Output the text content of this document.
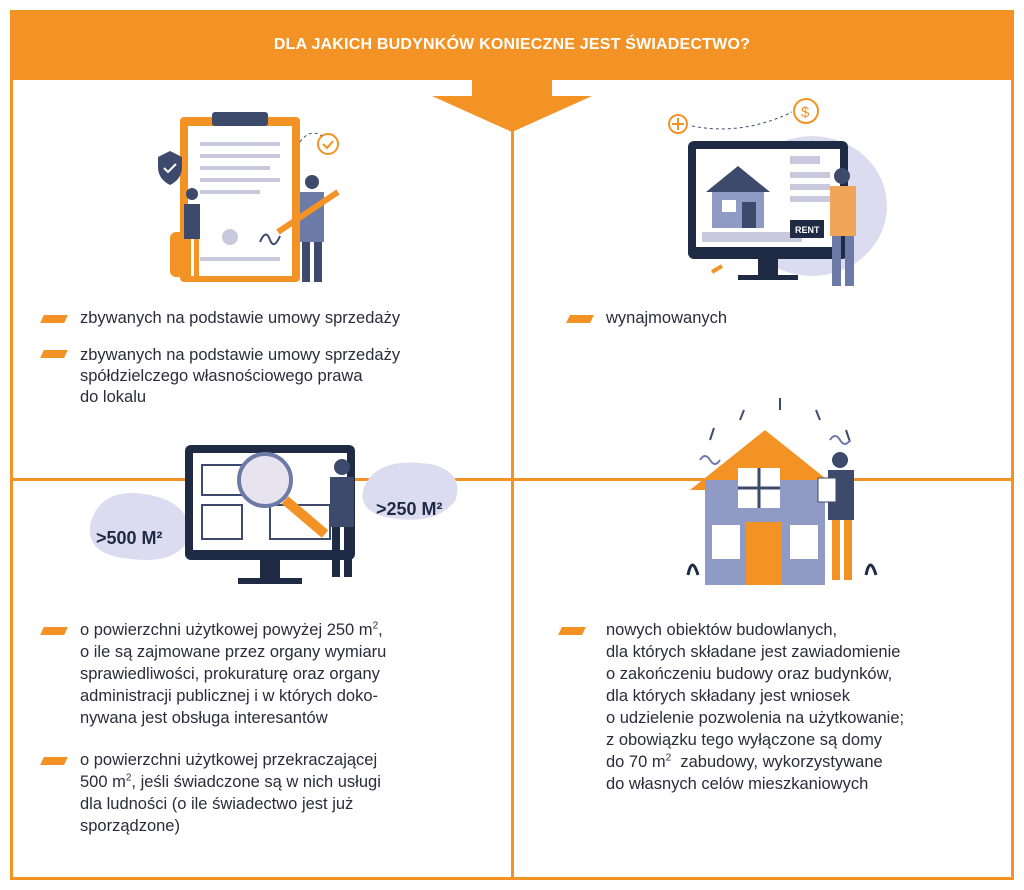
DLA JAKICH BUDYNKÓW KONIECZNE JEST ŚWIADECTWO?
$
RENT
zbywanych na podstawie umowy sprzedaży
zbywanych na podstawie umowy sprzedaży
spółdzielczego własnościowego prawa
do lokalu
wynajmowanych
>500 M²
>250 M²
o powierzchni użytkowej powyżej 250 $m^2$,
o ile są zajmowane przez organy wymiaru
sprawiedliwości, prokuraturę oraz organy
administracji publicznej i w których doko-
nywana jest obsługa interesantów
o powierzchni użytkowej przekraczającej
500 $m^2$, jeśli świadczone są w nich usługi
dla ludności (o ile świadectwo jest już
sporządzone)
nowych obiektów budowlanych,
dla których składane jest zawiadomienie
o zakończeniu budowy oraz budynków,
dla których składany jest wniosek
o udzielenie pozwolenia na użytkowanie;
z obowiązku tego wyłączone są domy
do 70 $m^2$  zabudowy, wykorzystywane
do własnych celów mieszkaniowych
